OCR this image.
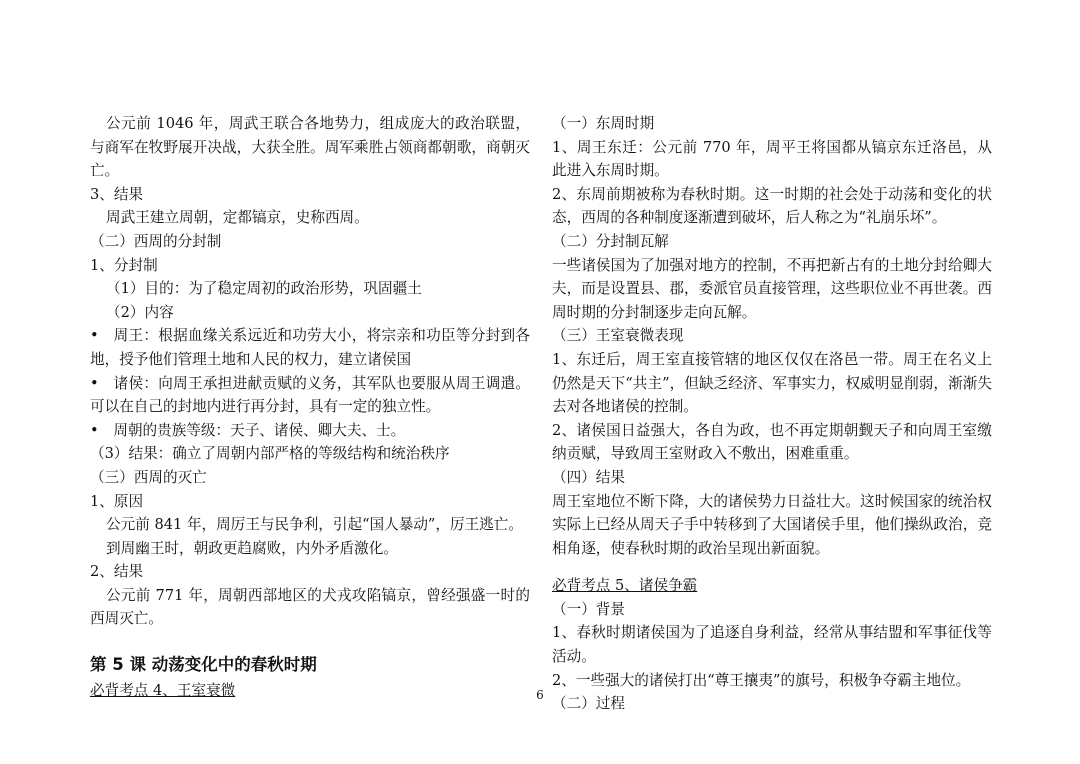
公元前 1046 年，周武王联合各地势力，组成庞大的政治联盟，与商军在牧野展开决战，大获全胜。周军乘胜占领商都朝歌，商朝灭亡。

3、结果

周武王建立周朝，定都镐京，史称西周。

（二）西周的分封制

1、分封制

（1）目的：为了稳定周初的政治形势，巩固疆土

（2）内容

• 周王：根据血缘关系远近和功劳大小，将宗亲和功臣等分封到各地，授予他们管理土地和人民的权力，建立诸侯国

• 诸侯：向周王承担进献贡赋的义务，其军队也要服从周王调遣。可以在自己的封地内进行再分封，具有一定的独立性。

• 周朝的贵族等级：天子、诸侯、卿大夫、士。

（3）结果：确立了周朝内部严格的等级结构和统治秩序

（三）西周的灭亡

1、原因

公元前 841 年，周厉王与民争利，引起“国人暴动”，厉王逃亡。

到周幽王时，朝政更趋腐败，内外矛盾激化。

2、结果

公元前 771 年，周朝西部地区的犬戎攻陷镐京，曾经强盛一时的西周灭亡。

第 5 课 动荡变化中的春秋时期

必背考点 4、王室衰微

（一）东周时期

1、周王东迁：公元前 770 年，周平王将国都从镐京东迁洛邑，从此进入东周时期。

2、东周前期被称为春秋时期。这一时期的社会处于动荡和变化的状态，西周的各种制度逐渐遭到破坏，后人称之为“礼崩乐坏”。

（二）分封制瓦解

一些诸侯国为了加强对地方的控制，不再把新占有的土地分封给卿大夫，而是设置县、郡，委派官员直接管理，这些职位业不再世袭。西周时期的分封制逐步走向瓦解。

（三）王室衰微表现

1、东迁后，周王室直接管辖的地区仅仅在洛邑一带。周王在名义上仍然是天下“共主”，但缺乏经济、军事实力，权威明显削弱，渐渐失去对各地诸侯的控制。

2、诸侯国日益强大，各自为政，也不再定期朝觐天子和向周王室缴纳贡赋，导致周王室财政入不敷出，困难重重。

（四）结果

周王室地位不断下降，大的诸侯势力日益壮大。这时候国家的统治权实际上已经从周天子手中转移到了大国诸侯手里，他们操纵政治，竞相角逐，使春秋时期的政治呈现出新面貌。

必背考点 5、诸侯争霸

（一）背景

1、春秋时期诸侯国为了追逐自身利益，经常从事结盟和军事征伐等活动。

2、一些强大的诸侯打出“尊王攘夷”的旗号，积极争夺霸主地位。

（二）过程

6
